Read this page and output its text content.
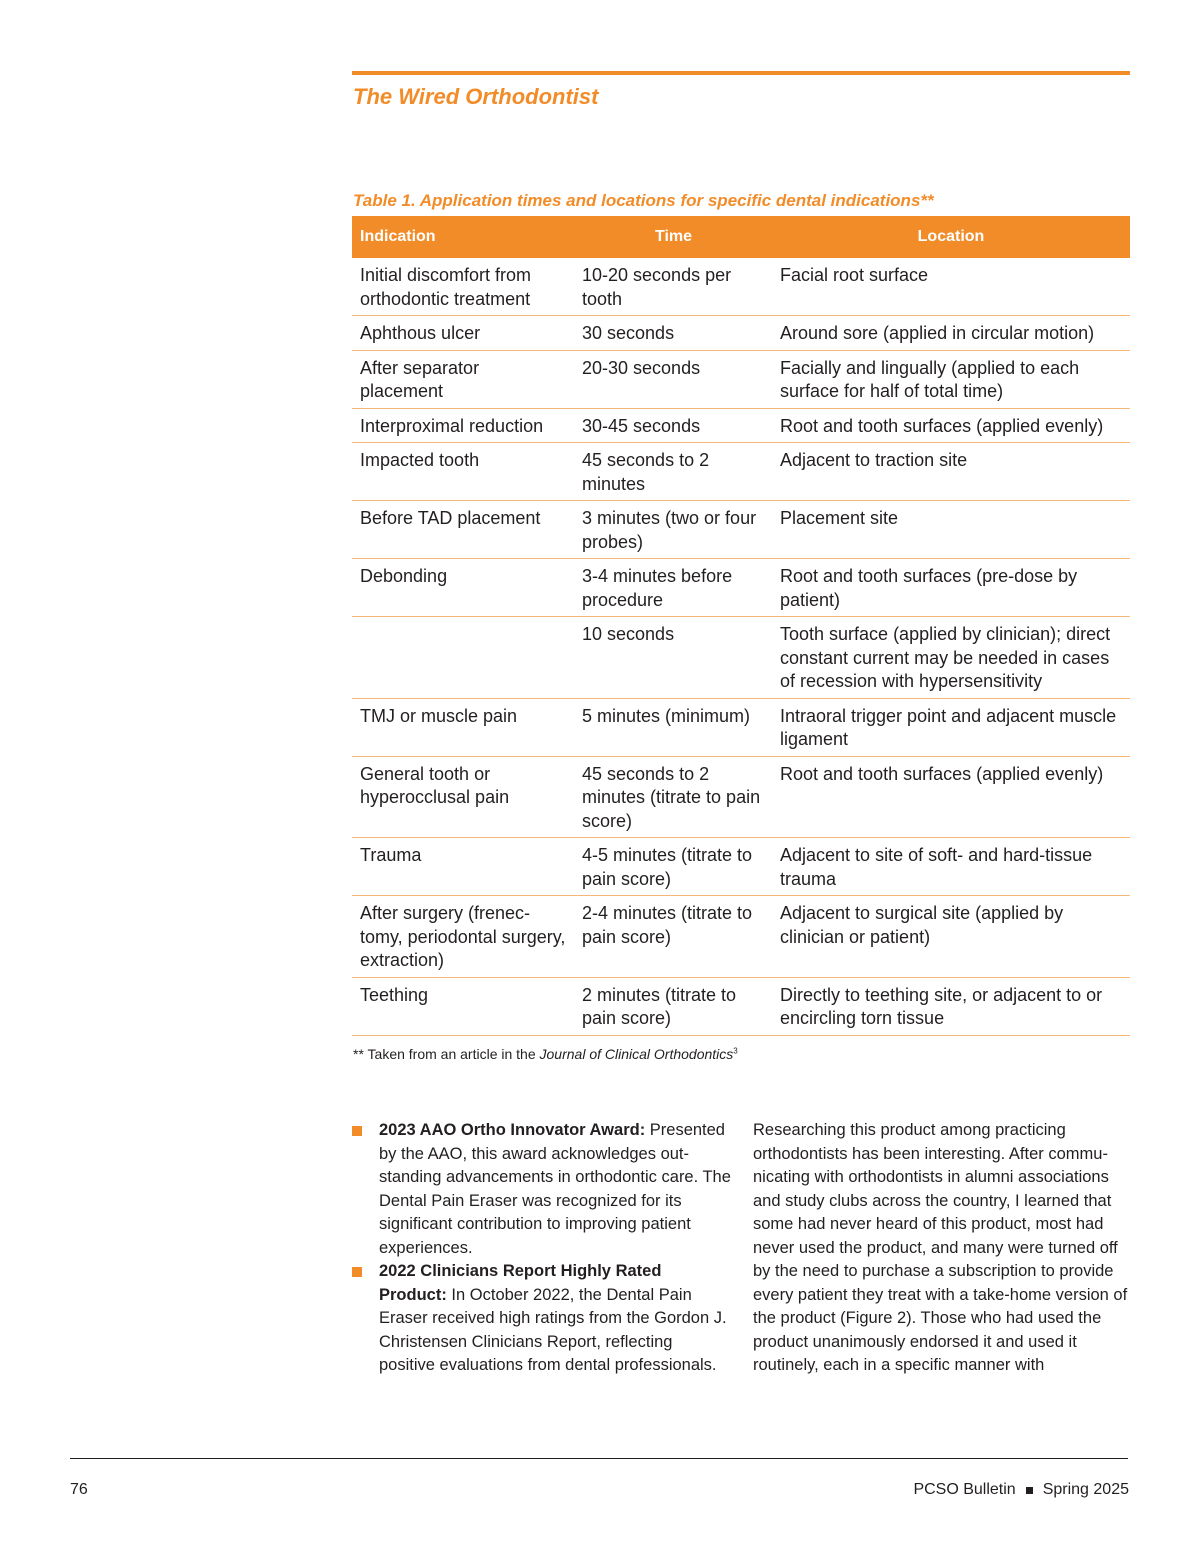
The Wired Orthodontist
Table 1. Application times and locations for specific dental indications**
Indication	Time	Location
Initial discomfort from orthodontic treatment	10-20 seconds per tooth	Facial root surface
Aphthous ulcer	30 seconds	Around sore (applied in circular motion)
After separator placement	20-30 seconds	Facially and lingually (applied to each surface for half of total time)
Interproximal reduction	30-45 seconds	Root and tooth surfaces (applied evenly)
Impacted tooth	45 seconds to 2 minutes	Adjacent to traction site
Before TAD placement	3 minutes (two or four probes)	Placement site
Debonding	3-4 minutes before procedure	Root and tooth surfaces (pre-dose by patient)
	10 seconds	Tooth surface (applied by clinician); direct constant current may be needed in cases of recession with hypersensitivity
TMJ or muscle pain	5 minutes (minimum)	Intraoral trigger point and adjacent muscle ligament
General tooth or hyperocclusal pain	45 seconds to 2 minutes (titrate to pain score)	Root and tooth surfaces (applied evenly)
Trauma	4-5 minutes (titrate to pain score)	Adjacent to site of soft- and hard-tissue trauma
After surgery (frenec-tomy, periodontal surgery, extraction)	2-4 minutes (titrate to pain score)	Adjacent to surgical site (applied by clinician or patient)
Teething	2 minutes (titrate to pain score)	Directly to teething site, or adjacent to or encircling torn tissue

** Taken from an article in the Journal of Clinical Orthodontics$^3$

2023 AAO Ortho Innovator Award: Presented by the AAO, this award acknowledges out-standing advancements in orthodontic care. The Dental Pain Eraser was recognized for its significant contribution to improving patient experiences.
2022 Clinicians Report Highly Rated Product: In October 2022, the Dental Pain Eraser received high ratings from the Gordon J. Christensen Clinicians Report, reflecting positive evaluations from dental professionals.

Researching this product among practicing orthodontists has been interesting. After commu-nicating with orthodontists in alumni associations and study clubs across the country, I learned that some had never heard of this product, most had never used the product, and many were turned off by the need to purchase a subscription to provide every patient they treat with a take-home version of the product (Figure 2). Those who had used the product unanimously endorsed it and used it routinely, each in a specific manner with

76	PCSO Bulletin Spring 2025
